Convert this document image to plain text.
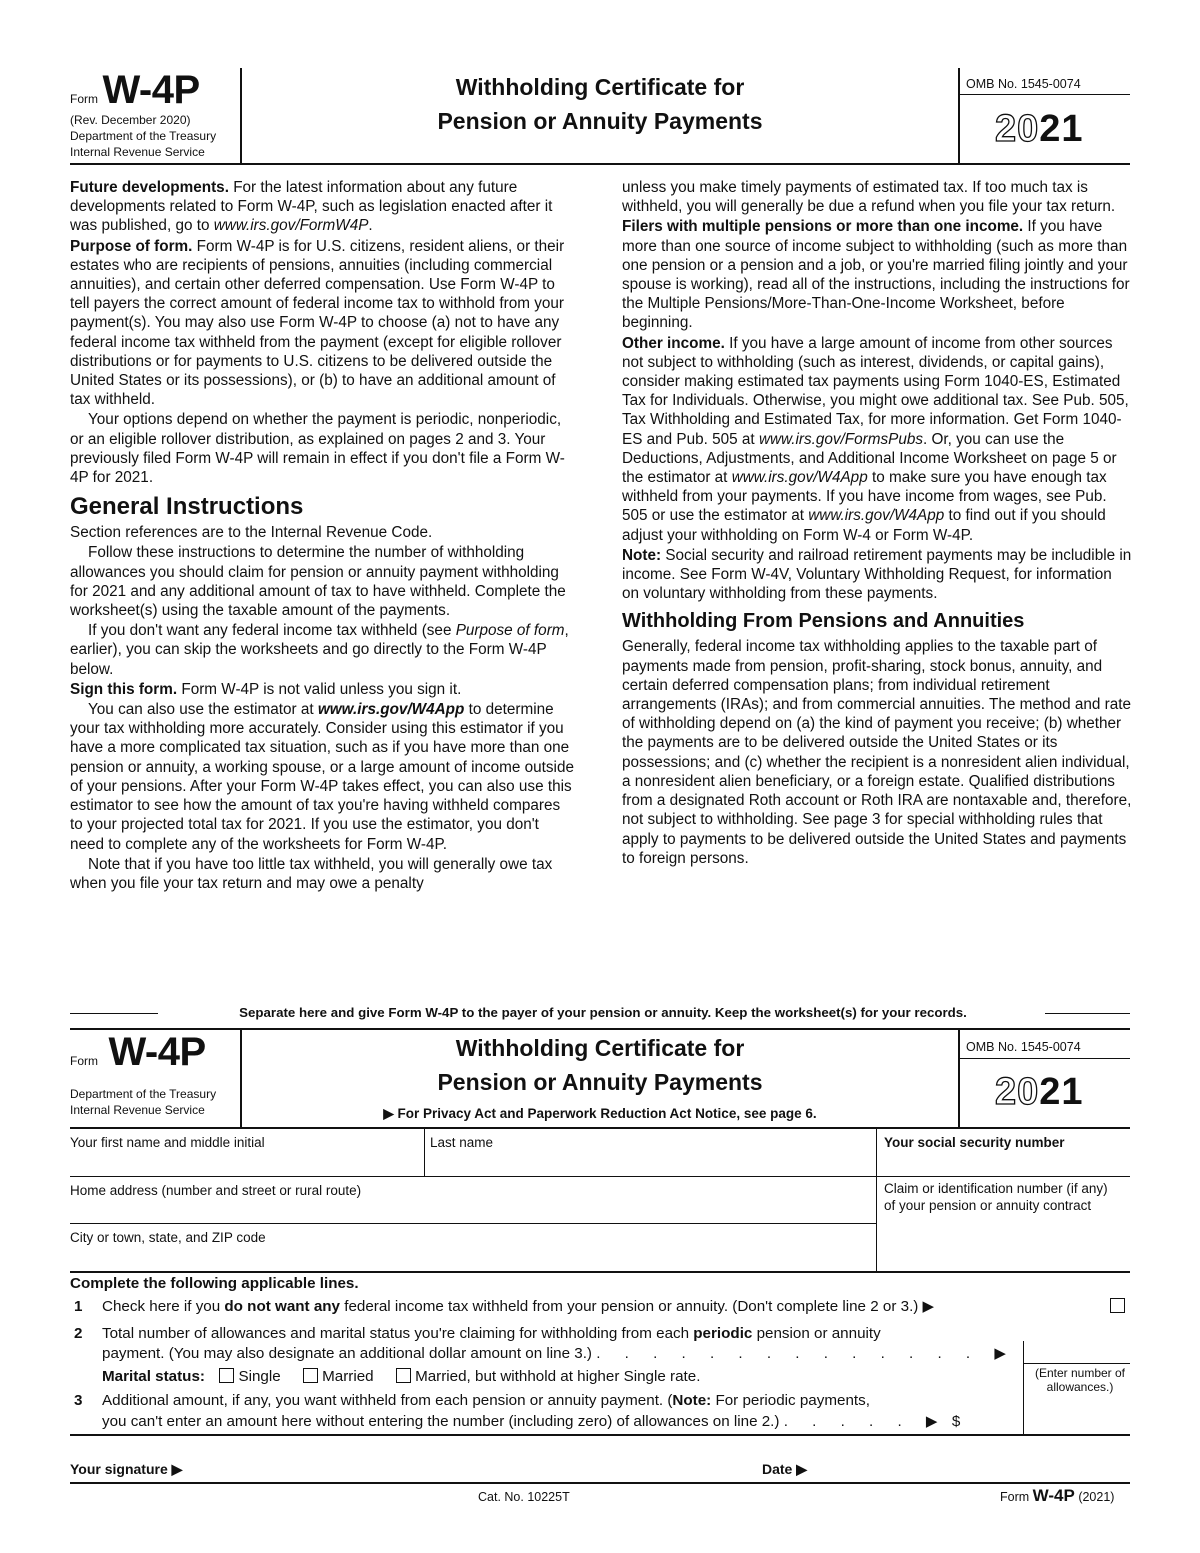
Form W-4P
(Rev. December 2020)
Department of the Treasury
Internal Revenue Service
Withholding Certificate for
Pension or Annuity Payments
OMB No. 1545-0074
2021

Future developments. For the latest information about any future developments related to Form W-4P, such as legislation enacted after it was published, go to www.irs.gov/FormW4P.

Purpose of form. Form W-4P is for U.S. citizens, resident aliens, or their estates who are recipients of pensions, annuities (including commercial annuities), and certain other deferred compensation. Use Form W-4P to tell payers the correct amount of federal income tax to withhold from your payment(s). You may also use Form W-4P to choose (a) not to have any federal income tax withheld from the payment (except for eligible rollover distributions or for payments to U.S. citizens to be delivered outside the United States or its possessions), or (b) to have an additional amount of tax withheld.

Your options depend on whether the payment is periodic, nonperiodic, or an eligible rollover distribution, as explained on pages 2 and 3. Your previously filed Form W-4P will remain in effect if you don't file a Form W-4P for 2021.

General Instructions

Section references are to the Internal Revenue Code.

Follow these instructions to determine the number of withholding allowances you should claim for pension or annuity payment withholding for 2021 and any additional amount of tax to have withheld. Complete the worksheet(s) using the taxable amount of the payments.

If you don't want any federal income tax withheld (see Purpose of form, earlier), you can skip the worksheets and go directly to the Form W-4P below.

Sign this form. Form W-4P is not valid unless you sign it.

You can also use the estimator at www.irs.gov/W4App to determine your tax withholding more accurately. Consider using this estimator if you have a more complicated tax situation, such as if you have more than one pension or annuity, a working spouse, or a large amount of income outside of your pensions. After your Form W-4P takes effect, you can also use this estimator to see how the amount of tax you're having withheld compares to your projected total tax for 2021. If you use the estimator, you don't need to complete any of the worksheets for Form W-4P.

Note that if you have too little tax withheld, you will generally owe tax when you file your tax return and may owe a penalty

unless you make timely payments of estimated tax. If too much tax is withheld, you will generally be due a refund when you file your tax return.

Filers with multiple pensions or more than one income. If you have more than one source of income subject to withholding (such as more than one pension or a pension and a job, or you're married filing jointly and your spouse is working), read all of the instructions, including the instructions for the Multiple Pensions/More-Than-One-Income Worksheet, before beginning.

Other income. If you have a large amount of income from other sources not subject to withholding (such as interest, dividends, or capital gains), consider making estimated tax payments using Form 1040-ES, Estimated Tax for Individuals. Otherwise, you might owe additional tax. See Pub. 505, Tax Withholding and Estimated Tax, for more information. Get Form 1040-ES and Pub. 505 at www.irs.gov/FormsPubs. Or, you can use the Deductions, Adjustments, and Additional Income Worksheet on page 5 or the estimator at www.irs.gov/W4App to make sure you have enough tax withheld from your payments. If you have income from wages, see Pub. 505 or use the estimator at www.irs.gov/W4App to find out if you should adjust your withholding on Form W-4 or Form W-4P.

Note: Social security and railroad retirement payments may be includible in income. See Form W-4V, Voluntary Withholding Request, for information on voluntary withholding from these payments.

Withholding From Pensions and Annuities

Generally, federal income tax withholding applies to the taxable part of payments made from pension, profit-sharing, stock bonus, annuity, and certain deferred compensation plans; from individual retirement arrangements (IRAs); and from commercial annuities. The method and rate of withholding depend on (a) the kind of payment you receive; (b) whether the payments are to be delivered outside the United States or its possessions; and (c) whether the recipient is a nonresident alien individual, a nonresident alien beneficiary, or a foreign estate. Qualified distributions from a designated Roth account or Roth IRA are nontaxable and, therefore, not subject to withholding. See page 3 for special withholding rules that apply to payments to be delivered outside the United States and payments to foreign persons.

Separate here and give Form W-4P to the payer of your pension or annuity. Keep the worksheet(s) for your records.
Form W-4P
Department of the Treasury
Internal Revenue Service
Withholding Certificate for
Pension or Annuity Payments
▶ For Privacy Act and Paperwork Reduction Act Notice, see page 6.
OMB No. 1545-0074
2021
Your first name and middle initial	Last name	Your social security number
Home address (number and street or rural route)	Claim or identification number (if any) of your pension or annuity contract
City or town, state, and ZIP code
Complete the following applicable lines.
1 Check here if you do not want any federal income tax withheld from your pension or annuity. (Don't complete line 2 or 3.) ▶
2 Total number of allowances and marital status you're claiming for withholding from each periodic pension or annuity
payment. (You may also designate an additional dollar amount on line 3.) . . . . . . . . . . . . . . ▶
(Enter number of allowances.)
Marital status: Single	Married	Married, but withhold at higher Single rate.
3 Additional amount, if any, you want withheld from each pension or annuity payment. (Note: For periodic payments,
you can't enter an amount here without entering the number (including zero) of allowances on line 2.) . . . . . ▶ $
Your signature ▶	Date ▶
Cat. No. 10225T	Form W-4P (2021)
